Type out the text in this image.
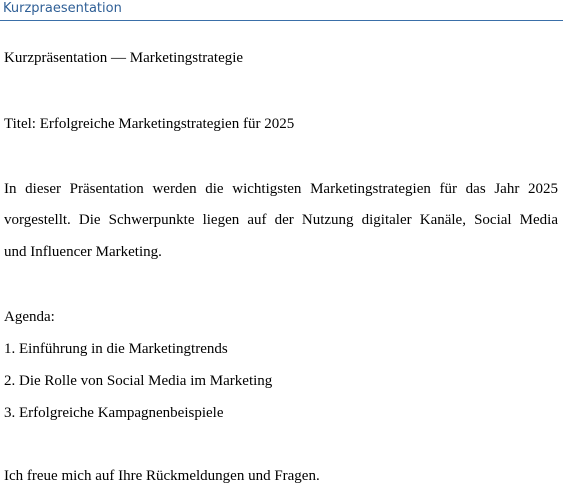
Kurzpraesentation
Kurzpräsentation — Marketingstrategie
Titel: Erfolgreiche Marketingstrategien für 2025
In dieser Präsentation werden die wichtigsten Marketingstrategien für das Jahr 2025
vorgestellt. Die Schwerpunkte liegen auf der Nutzung digitaler Kanäle, Social Media
und Influencer Marketing.
Agenda:
1. Einführung in die Marketingtrends
2. Die Rolle von Social Media im Marketing
3. Erfolgreiche Kampagnenbeispiele
Ich freue mich auf Ihre Rückmeldungen und Fragen.
